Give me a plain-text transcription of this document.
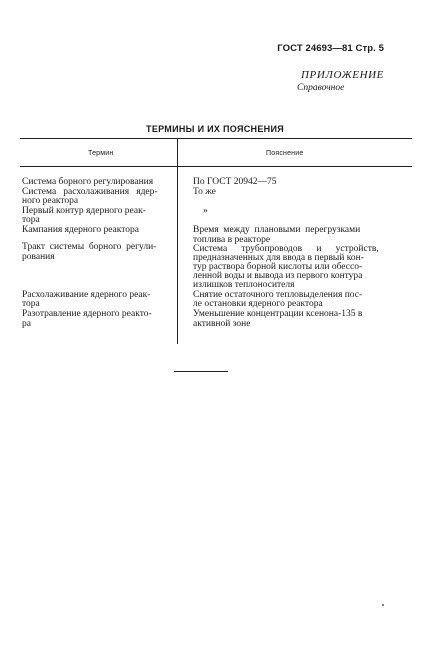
ГОСТ 24693—81 Стр. 5
ПРИЛОЖЕНИЕ
Справочное
ТЕРМИНЫ И ИХ ПОЯСНЕНИЯ
Термин	Пояснение
Система борного регулирования
Система   расхолаживания   ядер-
ного реактора
Первый контур ядерного реак-
тора
Кампания ядерного реактора
Тракт  системы  борного  регули-
рования
Расхолаживание ядерного реак-
тора
Разотравление ядерного реакто-
ра
По ГОСТ 20942—75
То же
»
Время  между  плановыми  перегрузками
топлива в реакторе
Система      трубопроводов      и      устройств,
предназначенных для ввода в первый кон-
тур раствора борной кислоты или обессо-
ленной воды и вывода из первого контура
излишков теплоносителя
Снятие остаточного тепловыделения пос-
ле остановки ядерного реактора
Уменьшение концентрации ксенона-135 в
активной зоне
